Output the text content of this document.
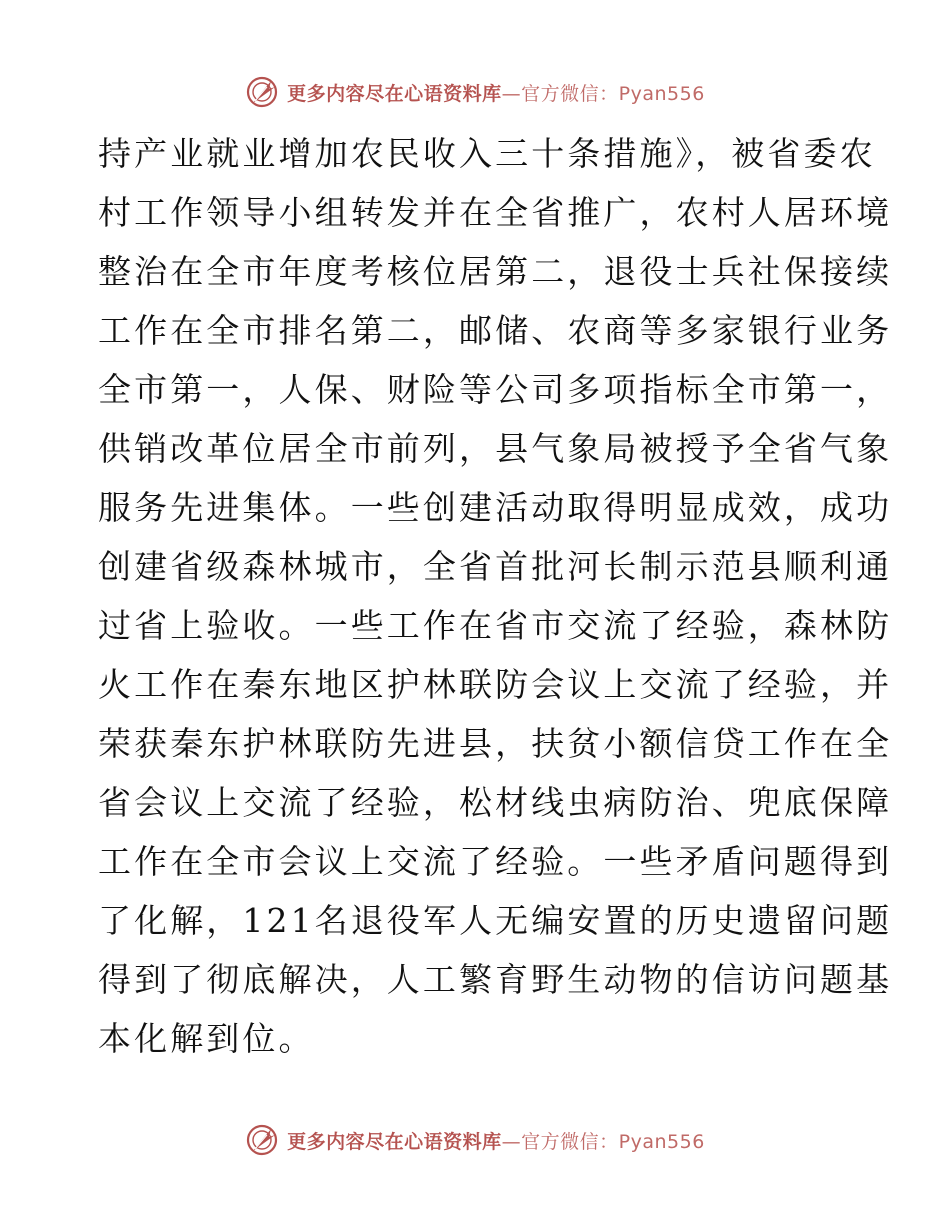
更多内容尽在心语资料库—官方微信：Pyan556
持产业就业增加农民收入三十条措施》，被省委农
村工作领导小组转发并在全省推广，农村人居环境
整治在全市年度考核位居第二，退役士兵社保接续
工作在全市排名第二，邮储、农商等多家银行业务
全市第一，人保、财险等公司多项指标全市第一，
供销改革位居全市前列，县气象局被授予全省气象
服务先进集体。一些创建活动取得明显成效，成功
创建省级森林城市，全省首批河长制示范县顺利通
过省上验收。一些工作在省市交流了经验，森林防
火工作在秦东地区护林联防会议上交流了经验，并
荣获秦东护林联防先进县，扶贫小额信贷工作在全
省会议上交流了经验，松材线虫病防治、兜底保障
工作在全市会议上交流了经验。一些矛盾问题得到
了化解，121名退役军人无编安置的历史遗留问题
得到了彻底解决，人工繁育野生动物的信访问题基
本化解到位。
更多内容尽在心语资料库—官方微信：Pyan556
